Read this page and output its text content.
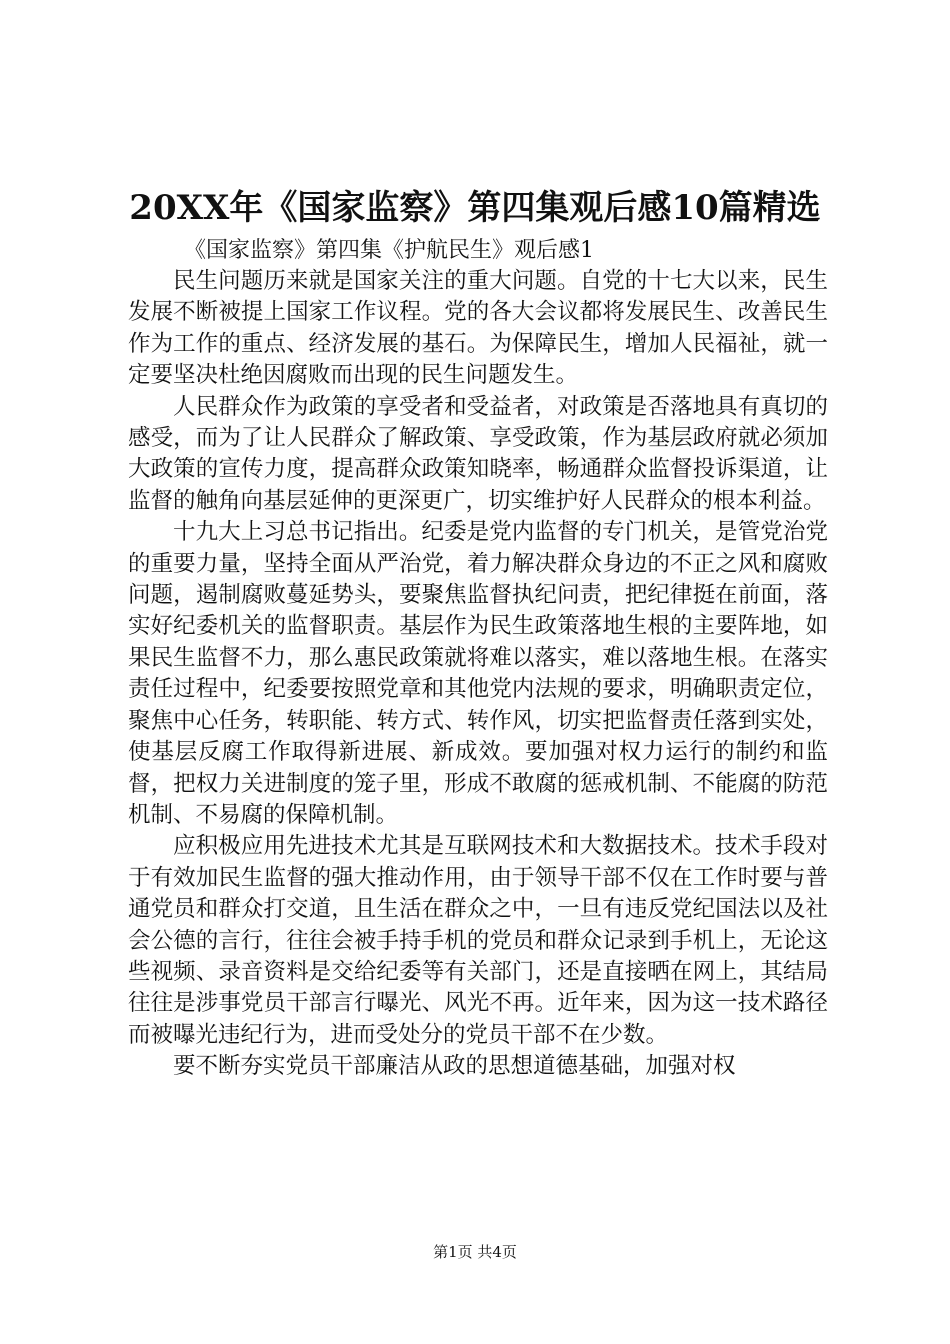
20XX年《国家监察》第四集观后感10篇精选
《国家监察》第四集《护航民生》观后感1

民生问题历来就是国家关注的重大问题。自党的十七大以来，民生发展不断被提上国家工作议程。党的各大会议都将发展民生、改善民生作为工作的重点、经济发展的基石。为保障民生，增加人民福祉，就一定要坚决杜绝因腐败而出现的民生问题发生。

人民群众作为政策的享受者和受益者，对政策是否落地具有真切的感受，而为了让人民群众了解政策、享受政策，作为基层政府就必须加大政策的宣传力度，提高群众政策知晓率，畅通群众监督投诉渠道，让监督的触角向基层延伸的更深更广，切实维护好人民群众的根本利益。

十九大上习总书记指出。纪委是党内监督的专门机关，是管党治党的重要力量，坚持全面从严治党，着力解决群众身边的不正之风和腐败问题，遏制腐败蔓延势头，要聚焦监督执纪问责，把纪律挺在前面，落实好纪委机关的监督职责。基层作为民生政策落地生根的主要阵地，如果民生监督不力，那么惠民政策就将难以落实，难以落地生根。在落实责任过程中，纪委要按照党章和其他党内法规的要求，明确职责定位，聚焦中心任务，转职能、转方式、转作风，切实把监督责任落到实处，使基层反腐工作取得新进展、新成效。要加强对权力运行的制约和监督，把权力关进制度的笼子里，形成不敢腐的惩戒机制、不能腐的防范机制、不易腐的保障机制。

应积极应用先进技术尤其是互联网技术和大数据技术。技术手段对于有效加民生监督的强大推动作用，由于领导干部不仅在工作时要与普通党员和群众打交道，且生活在群众之中，一旦有违反党纪国法以及社会公德的言行，往往会被手持手机的党员和群众记录到手机上，无论这些视频、录音资料是交给纪委等有关部门，还是直接晒在网上，其结局往往是涉事党员干部言行曝光、风光不再。近年来，因为这一技术路径而被曝光违纪行为，进而受处分的党员干部不在少数。

要不断夯实党员干部廉洁从政的思想道德基础，加强对权

第1页 共4页
